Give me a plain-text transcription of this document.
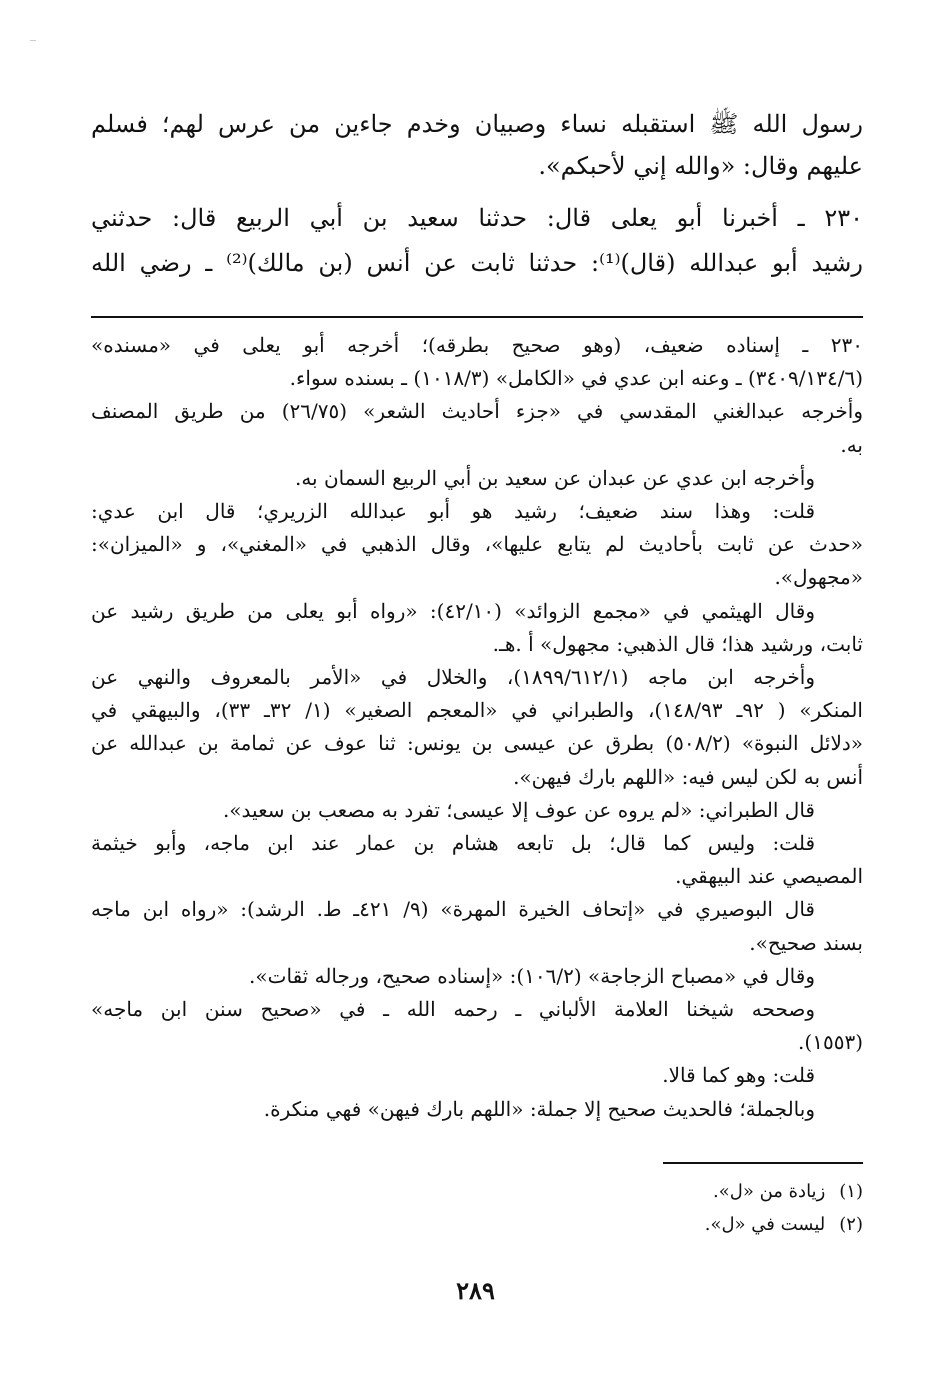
رسول الله ﷺ استقبله نساء وصبيان وخدم جاءين من عرس لهم؛ فسلم
عليهم وقال: «والله إني لأحبكم».
٢٣٠ ـ أخبرنا أبو يعلى قال: حدثنا سعيد بن أبي الربيع قال: حدثني
رشيد أبو عبدالله (قال)⁽¹⁾: حدثنا ثابت عن أنس (بن مالك)⁽²⁾ ـ رضي الله
٢٣٠ ـ إسناده ضعيف، (وهو صحيح بطرقه)؛ أخرجه أبو يعلى في «مسنده»
(٣٤٠٩/١٣٤/٦) ـ وعنه ابن عدي في «الكامل» (١٠١٨/٣) ـ بسنده سواء.
وأخرجه عبدالغني المقدسي في «جزء أحاديث الشعر» (٢٦/٧٥) من طريق المصنف
به.
وأخرجه ابن عدي عن عبدان عن سعيد بن أبي الربيع السمان به.
قلت: وهذا سند ضعيف؛ رشيد هو أبو عبدالله الزريري؛ قال ابن عدي:
«حدث عن ثابت بأحاديث لم يتابع عليها»، وقال الذهبي في «المغني»، و «الميزان»:
«مجهول».
وقال الهيثمي في «مجمع الزوائد» (٤٢/١٠): «رواه أبو يعلى من طريق رشيد عن
ثابت، ورشيد هذا؛ قال الذهبي: مجهول» أ .هـ.
وأخرجه ابن ماجه (١٨٩٩/٦١٢/١)، والخلال في «الأمر بالمعروف والنهي عن
المنكر» ( ٩٢ـ ١٤٨/٩٣)، والطبراني في «المعجم الصغير» (١/ ٣٢ـ ٣٣)، والبيهقي في
«دلائل النبوة» (٥٠٨/٢) بطرق عن عيسى بن يونس: ثنا عوف عن ثمامة بن عبدالله عن
أنس به لكن ليس فيه: «اللهم بارك فيهن».
قال الطبراني: «لم يروه عن عوف إلا عيسى؛ تفرد به مصعب بن سعيد».
قلت: وليس كما قال؛ بل تابعه هشام بن عمار عند ابن ماجه، وأبو خيثمة
المصيصي عند البيهقي.
قال البوصيري في «إتحاف الخيرة المهرة» (٩/ ٤٢١ـ ط. الرشد): «رواه ابن ماجه
بسند صحيح».
وقال في «مصباح الزجاجة» (١٠٦/٢): «إسناده صحيح، ورجاله ثقات».
وصححه شيخنا العلامة الألباني ـ رحمه الله ـ في «صحيح سنن ابن ماجه»
(١٥٥٣).
قلت: وهو كما قالا.
وبالجملة؛ فالحديث صحيح إلا جملة: «اللهم بارك فيهن» فهي منكرة.
(١)زيادة من «ل».
(٢)ليست في «ل».
٢٨٩
